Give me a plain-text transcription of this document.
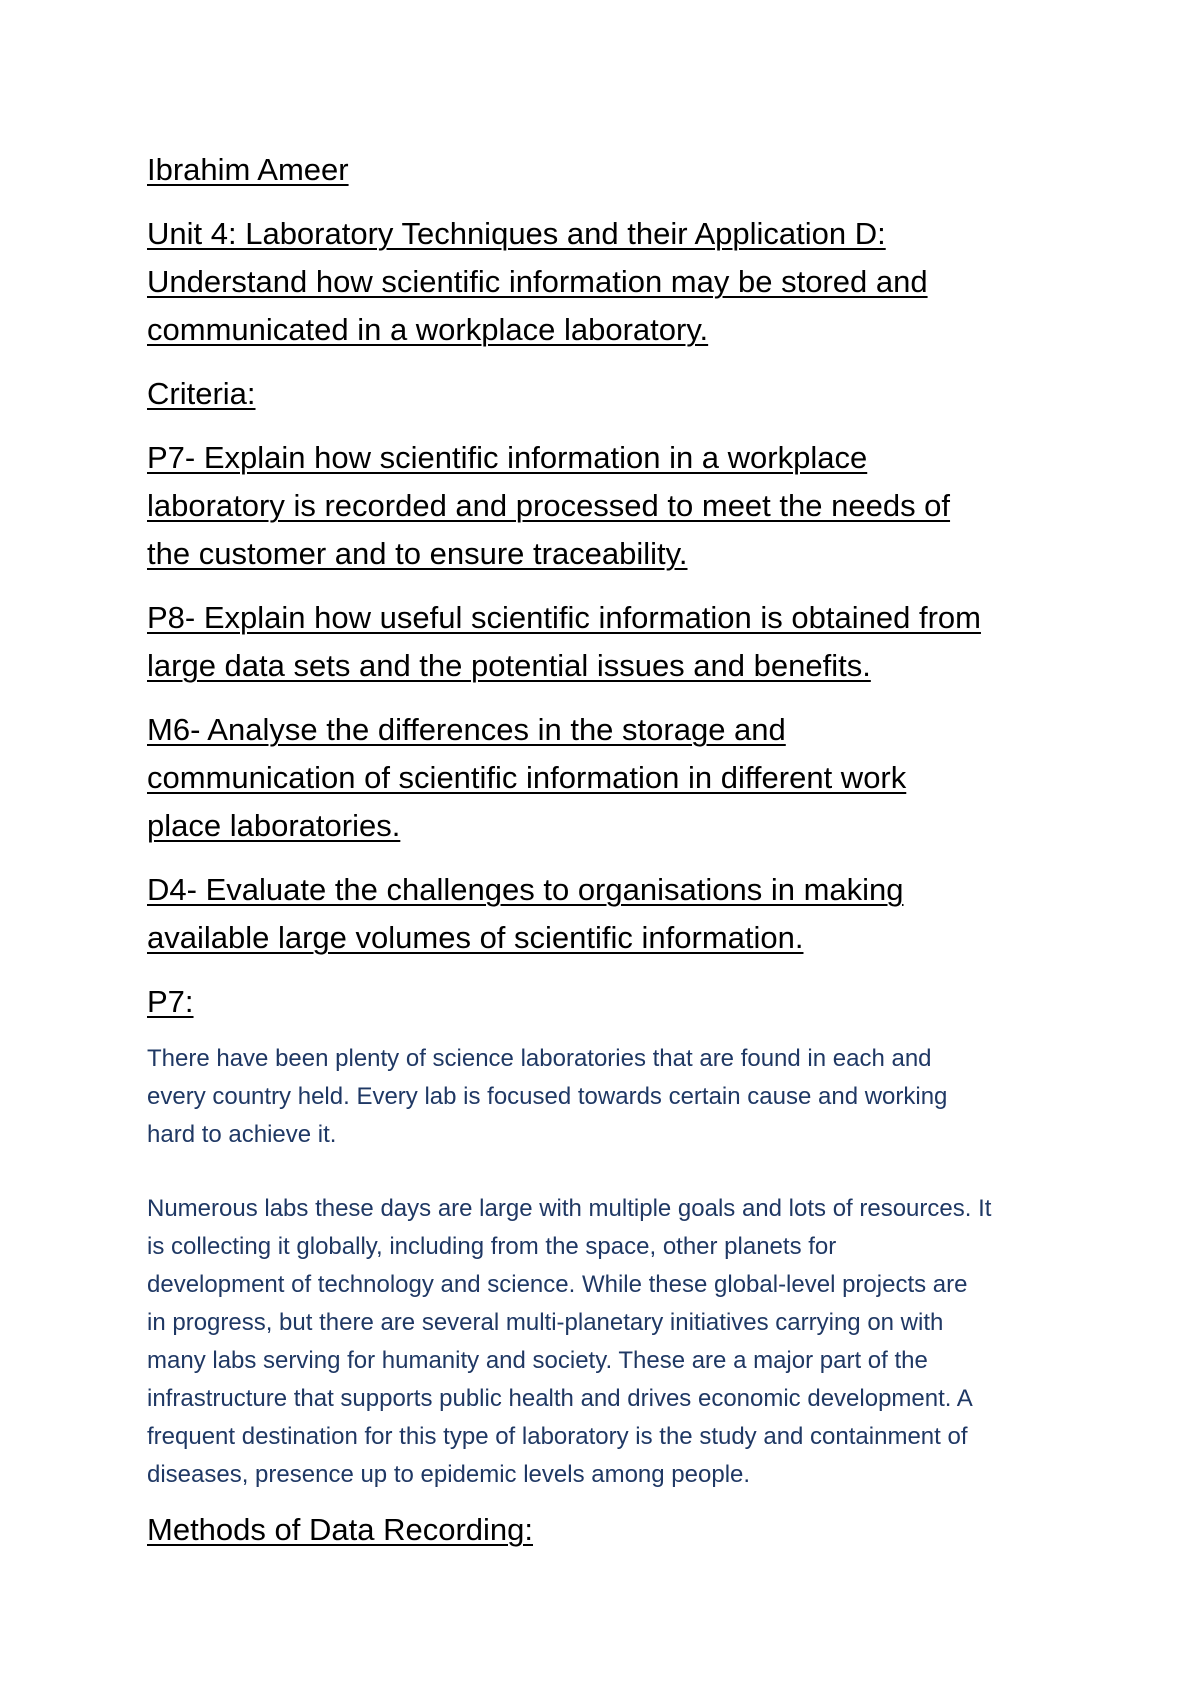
Ibrahim Ameer
Unit 4: Laboratory Techniques and their Application D:
Understand how scientific information may be stored and
communicated in a workplace laboratory.
Criteria:
P7- Explain how scientific information in a workplace
laboratory is recorded and processed to meet the needs of
the customer and to ensure traceability.
P8- Explain how useful scientific information is obtained from
large data sets and the potential issues and benefits.
M6- Analyse the differences in the storage and
communication of scientific information in different work
place laboratories.
D4- Evaluate the challenges to organisations in making
available large volumes of scientific information.
P7:
There have been plenty of science laboratories that are found in each and
every country held. Every lab is focused towards certain cause and working
hard to achieve it.
Numerous labs these days are large with multiple goals and lots of resources. It
is collecting it globally, including from the space, other planets for
development of technology and science. While these global-level projects are
in progress, but there are several multi-planetary initiatives carrying on with
many labs serving for humanity and society. These are a major part of the
infrastructure that supports public health and drives economic development. A
frequent destination for this type of laboratory is the study and containment of
diseases, presence up to epidemic levels among people.
Methods of Data Recording:
